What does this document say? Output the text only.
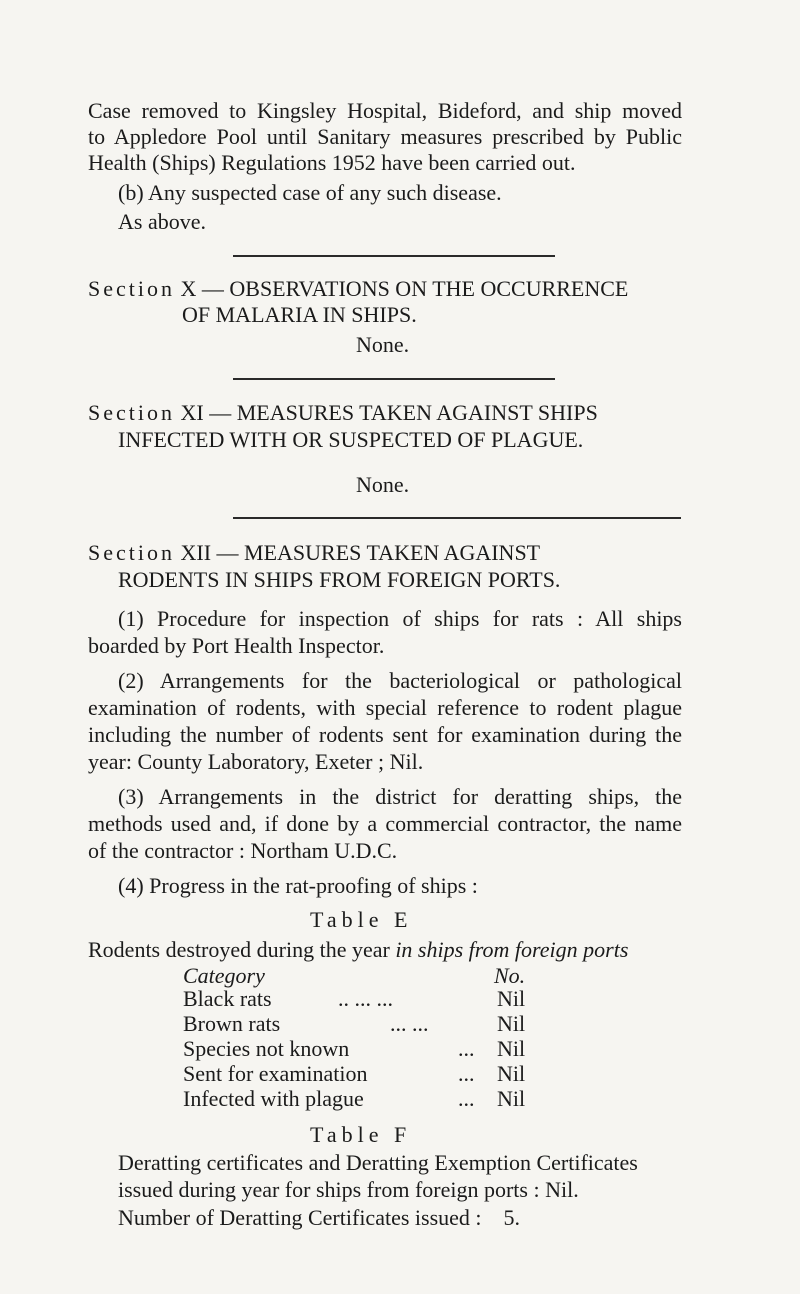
Case removed to Kingsley Hospital, Bideford, and ship moved
to Appledore Pool until Sanitary measures prescribed by Public
Health (Ships) Regulations 1952 have been carried out.
(b) Any suspected case of any such disease.
As above.
Section X — OBSERVATIONS ON THE OCCURRENCE
OF MALARIA IN SHIPS.
None.
Section XI — MEASURES TAKEN AGAINST SHIPS
INFECTED WITH OR SUSPECTED OF PLAGUE.
None.
Section XII — MEASURES TAKEN AGAINST
RODENTS IN SHIPS FROM FOREIGN PORTS.
(1) Procedure for inspection of ships for rats : All ships
boarded by Port Health Inspector.
(2) Arrangements for the bacteriological or pathological
examination of rodents, with special reference to rodent plague
including the number of rodents sent for examination during the
year: County Laboratory, Exeter ; Nil.
(3) Arrangements in the district for deratting ships, the
methods used and, if done by a commercial contractor, the name
of the contractor : Northam U.D.C.
(4) Progress in the rat-proofing of ships :
Table E
Rodents destroyed during the year in ships from foreign ports
Category	No.
Black rats	.. ... ...	Nil
Brown rats	... ...	Nil
Species not known	... Nil
Sent for examination	... Nil
Infected with plague	... Nil
Table F
Deratting certificates and Deratting Exemption Certificates
issued during year for ships from foreign ports : Nil.
Number of Deratting Certificates issued :    5.
